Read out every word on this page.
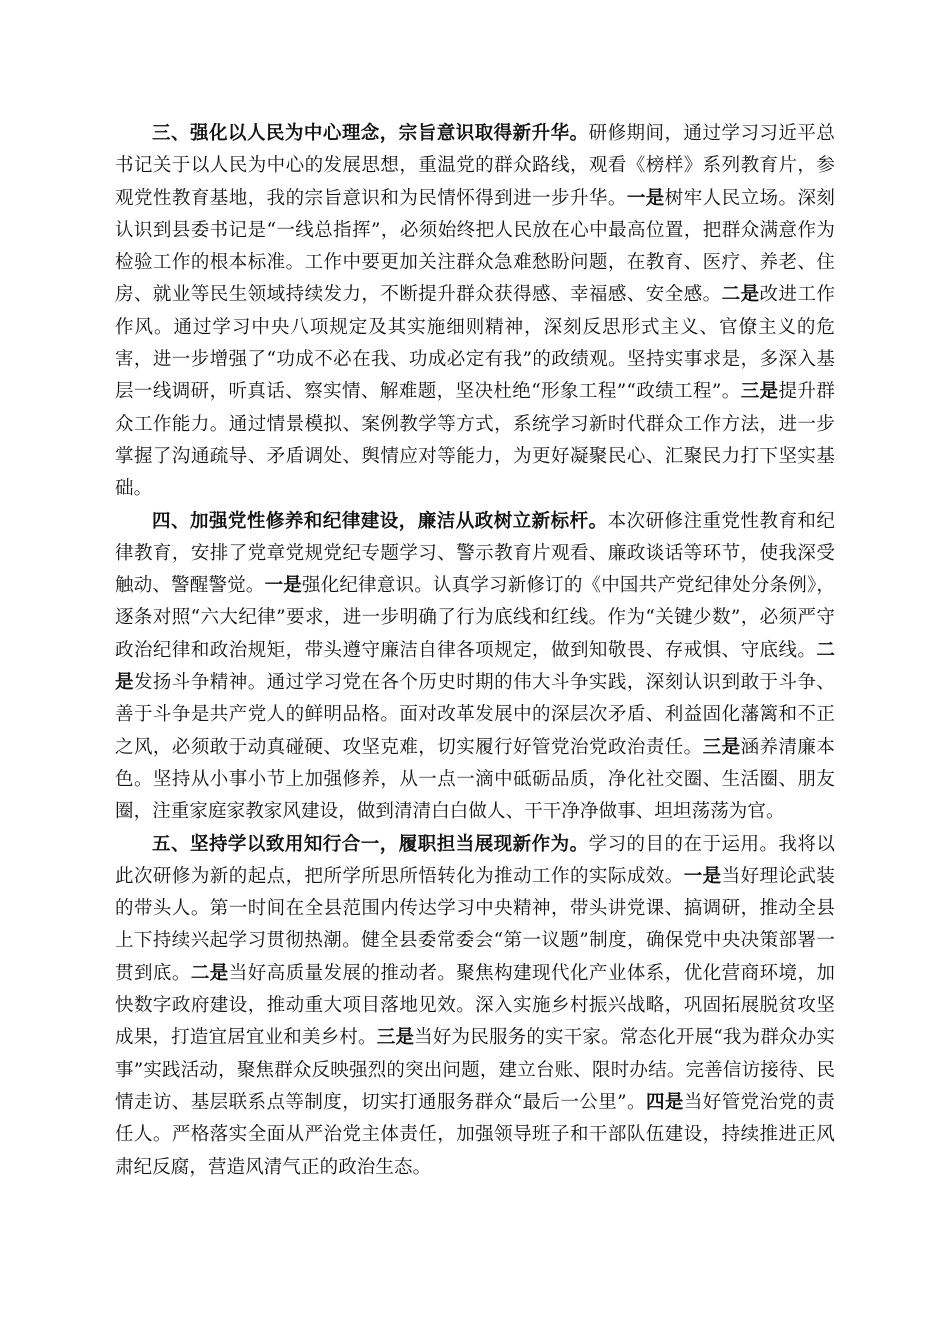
三、强化以人民为中心理念，宗旨意识取得新升华。研修期间，通过学习习近平总书记关于以人民为中心的发展思想，重温党的群众路线，观看《榜样》系列教育片，参观党性教育基地，我的宗旨意识和为民情怀得到进一步升华。一是树牢人民立场。深刻认识到县委书记是“一线总指挥”，必须始终把人民放在心中最高位置，把群众满意作为检验工作的根本标准。工作中要更加关注群众急难愁盼问题，在教育、医疗、养老、住房、就业等民生领域持续发力，不断提升群众获得感、幸福感、安全感。二是改进工作作风。通过学习中央八项规定及其实施细则精神，深刻反思形式主义、官僚主义的危害，进一步增强了“功成不必在我、功成必定有我”的政绩观。坚持实事求是，多深入基层一线调研，听真话、察实情、解难题，坚决杜绝“形象工程”“政绩工程”。三是提升群众工作能力。通过情景模拟、案例教学等方式，系统学习新时代群众工作方法，进一步掌握了沟通疏导、矛盾调处、舆情应对等能力，为更好凝聚民心、汇聚民力打下坚实基础。

四、加强党性修养和纪律建设，廉洁从政树立新标杆。本次研修注重党性教育和纪律教育，安排了党章党规党纪专题学习、警示教育片观看、廉政谈话等环节，使我深受触动、警醒警觉。一是强化纪律意识。认真学习新修订的《中国共产党纪律处分条例》，逐条对照“六大纪律”要求，进一步明确了行为底线和红线。作为“关键少数”，必须严守政治纪律和政治规矩，带头遵守廉洁自律各项规定，做到知敬畏、存戒惧、守底线。二是发扬斗争精神。通过学习党在各个历史时期的伟大斗争实践，深刻认识到敢于斗争、善于斗争是共产党人的鲜明品格。面对改革发展中的深层次矛盾、利益固化藩篱和不正之风，必须敢于动真碰硬、攻坚克难，切实履行好管党治党政治责任。三是涵养清廉本色。坚持从小事小节上加强修养，从一点一滴中砥砺品质，净化社交圈、生活圈、朋友圈，注重家庭家教家风建设，做到清清白白做人、干干净净做事、坦坦荡荡为官。

五、坚持学以致用知行合一，履职担当展现新作为。学习的目的在于运用。我将以此次研修为新的起点，把所学所思所悟转化为推动工作的实际成效。一是当好理论武装的带头人。第一时间在全县范围内传达学习中央精神，带头讲党课、搞调研，推动全县上下持续兴起学习贯彻热潮。健全县委常委会“第一议题”制度，确保党中央决策部署一贯到底。二是当好高质量发展的推动者。聚焦构建现代化产业体系，优化营商环境，加快数字政府建设，推动重大项目落地见效。深入实施乡村振兴战略，巩固拓展脱贫攻坚成果，打造宜居宜业和美乡村。三是当好为民服务的实干家。常态化开展“我为群众办实事”实践活动，聚焦群众反映强烈的突出问题，建立台账、限时办结。完善信访接待、民情走访、基层联系点等制度，切实打通服务群众“最后一公里”。四是当好管党治党的责任人。严格落实全面从严治党主体责任，加强领导班子和干部队伍建设，持续推进正风肃纪反腐，营造风清气正的政治生态。
